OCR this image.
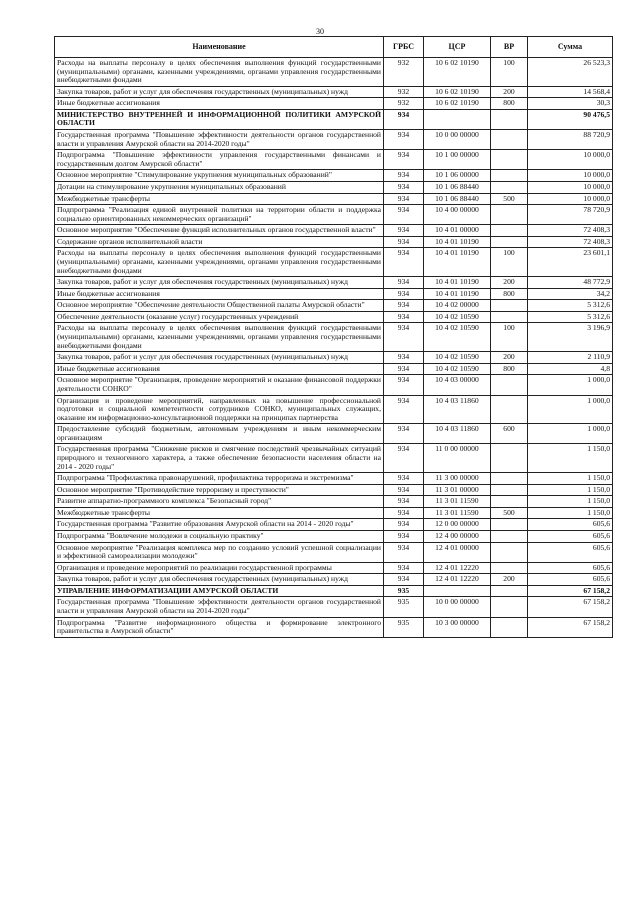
30
Наименование	ГРБС	ЦСР	ВР	Сумма
Расходы на выплаты персоналу в целях обеспечения выполнения функций государственными (муниципальными) органами, казенными учреждениями, органами управления государственными внебюджетными фондами	932	10 6 02 10190	100	26 523,3
Закупка товаров, работ и услуг для обеспечения государственных (муниципальных) нужд	932	10 6 02 10190	200	14 568,4
Иные бюджетные ассигнования	932	10 6 02 10190	800	30,3
МИНИСТЕРСТВО ВНУТРЕННЕЙ И ИНФОРМАЦИОННОЙ ПОЛИТИКИ АМУРСКОЙ ОБЛАСТИ	934			90 476,5
Государственная программа "Повышение эффективности деятельности органов государственной власти и управления Амурской области на 2014-2020 годы"	934	10 0 00 00000		88 720,9
Подпрограмма "Повышение эффективности управления государственными финансами и государственным долгом Амурской области"	934	10 1 00 00000		10 000,0
Основное мероприятие "Стимулирование укрупнения муниципальных образований"	934	10 1 06 00000		10 000,0
Дотации на стимулирование укрупнения муниципальных образований	934	10 1 06 88440		10 000,0
Межбюджетные трансферты	934	10 1 06 88440	500	10 000,0
Подпрограмма "Реализация единой внутренней политики на территории области и поддержка социально ориентированных некоммерческих организаций"	934	10 4 00 00000		78 720,9
Основное мероприятие "Обеспечение функций исполнительных органов государственной власти"	934	10 4 01 00000		72 408,3
Содержание органов исполнительной власти	934	10 4 01 10190		72 408,3
Расходы на выплаты персоналу в целях обеспечения выполнения функций государственными (муниципальными) органами, казенными учреждениями, органами управления государственными внебюджетными фондами	934	10 4 01 10190	100	23 601,1
Закупка товаров, работ и услуг для обеспечения государственных (муниципальных) нужд	934	10 4 01 10190	200	48 772,9
Иные бюджетные ассигнования	934	10 4 01 10190	800	34,2
Основное мероприятие "Обеспечение деятельности Общественной палаты Амурской области"	934	10 4 02 00000		5 312,6
Обеспечение деятельности (оказание услуг) государственных учреждений	934	10 4 02 10590		5 312,6
Расходы на выплаты персоналу в целях обеспечения выполнения функций государственными (муниципальными) органами, казенными учреждениями, органами управления государственными внебюджетными фондами	934	10 4 02 10590	100	3 196,9
Закупка товаров, работ и услуг для обеспечения государственных (муниципальных) нужд	934	10 4 02 10590	200	2 110,9
Иные бюджетные ассигнования	934	10 4 02 10590	800	4,8
Основное мероприятие "Организация, проведение мероприятий и оказание финансовой поддержки деятельности СОНКО"	934	10 4 03 00000		1 000,0
Организация и проведение мероприятий, направленных на повышение профессиональной подготовки и социальной компетентности сотрудников СОНКО, муниципальных служащих, оказание им информационно-консультационной поддержки на принципах партнерства	934	10 4 03 11860		1 000,0
Предоставление субсидий бюджетным, автономным учреждениям и иным некоммерческим организациям	934	10 4 03 11860	600	1 000,0
Государственная программа "Снижение рисков и смягчение последствий чрезвычайных ситуаций природного и техногенного характера, а также обеспечение безопасности населения области на 2014 - 2020 годы"	934	11 0 00 00000		1 150,0
Подпрограмма "Профилактика правонарушений, профилактика терроризма и экстремизма"	934	11 3 00 00000		1 150,0
Основное мероприятие "Противодействие терроризму и преступности"	934	11 3 01 00000		1 150,0
Развитие аппаратно-программного комплекса "Безопасный город"	934	11 3 01 11590		1 150,0
Межбюджетные трансферты	934	11 3 01 11590	500	1 150,0
Государственная программа "Развитие образования Амурской области на 2014 - 2020 годы"	934	12 0 00 00000		605,6
Подпрограмма "Вовлечение молодежи в социальную практику"	934	12 4 00 00000		605,6
Основное мероприятие "Реализация комплекса мер по созданию условий успешной социализации и эффективной самореализации молодежи"	934	12 4 01 00000		605,6
Организация и проведение мероприятий по реализации государственной программы	934	12 4 01 12220		605,6
Закупка товаров, работ и услуг для обеспечения государственных (муниципальных) нужд	934	12 4 01 12220	200	605,6
УПРАВЛЕНИЕ ИНФОРМАТИЗАЦИИ АМУРСКОЙ ОБЛАСТИ	935			67 158,2
Государственная программа "Повышение эффективности деятельности органов государственной власти и управления Амурской области на 2014-2020 годы"	935	10 0 00 00000		67 158,2
Подпрограмма "Развитие информационного общества и формирование электронного правительства в Амурской области"	935	10 3 00 00000		67 158,2
